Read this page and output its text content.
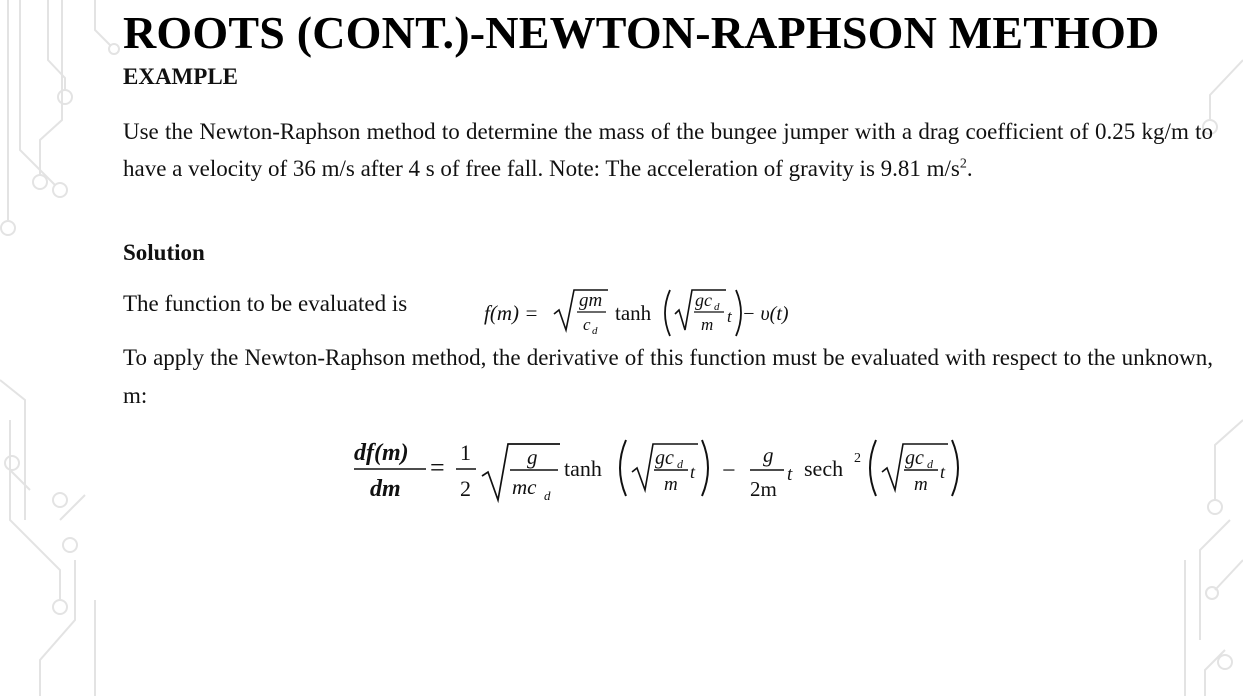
ROOTS (CONT.)-NEWTON-RAPHSON METHOD
EXAMPLE
Use the Newton-Raphson method to determine the mass of the bungee jumper with a drag coefficient of 0.25 kg/m to have a velocity of 36 m/s after 4 s of free fall. Note: The acceleration of gravity is 9.81 $m/s^2$.
Solution
The function to be evaluated is	f(m) =
gm
c d
tanh
gc d
m t − υ(t)
To apply the Newton-Raphson method, the derivative of this function must be evaluated with respect to the unknown, m:
df(m)
dm
=
1
2
g
mc d
tanh	gc d
m
t −
g
2m
t sech 2 gc d
m
t
